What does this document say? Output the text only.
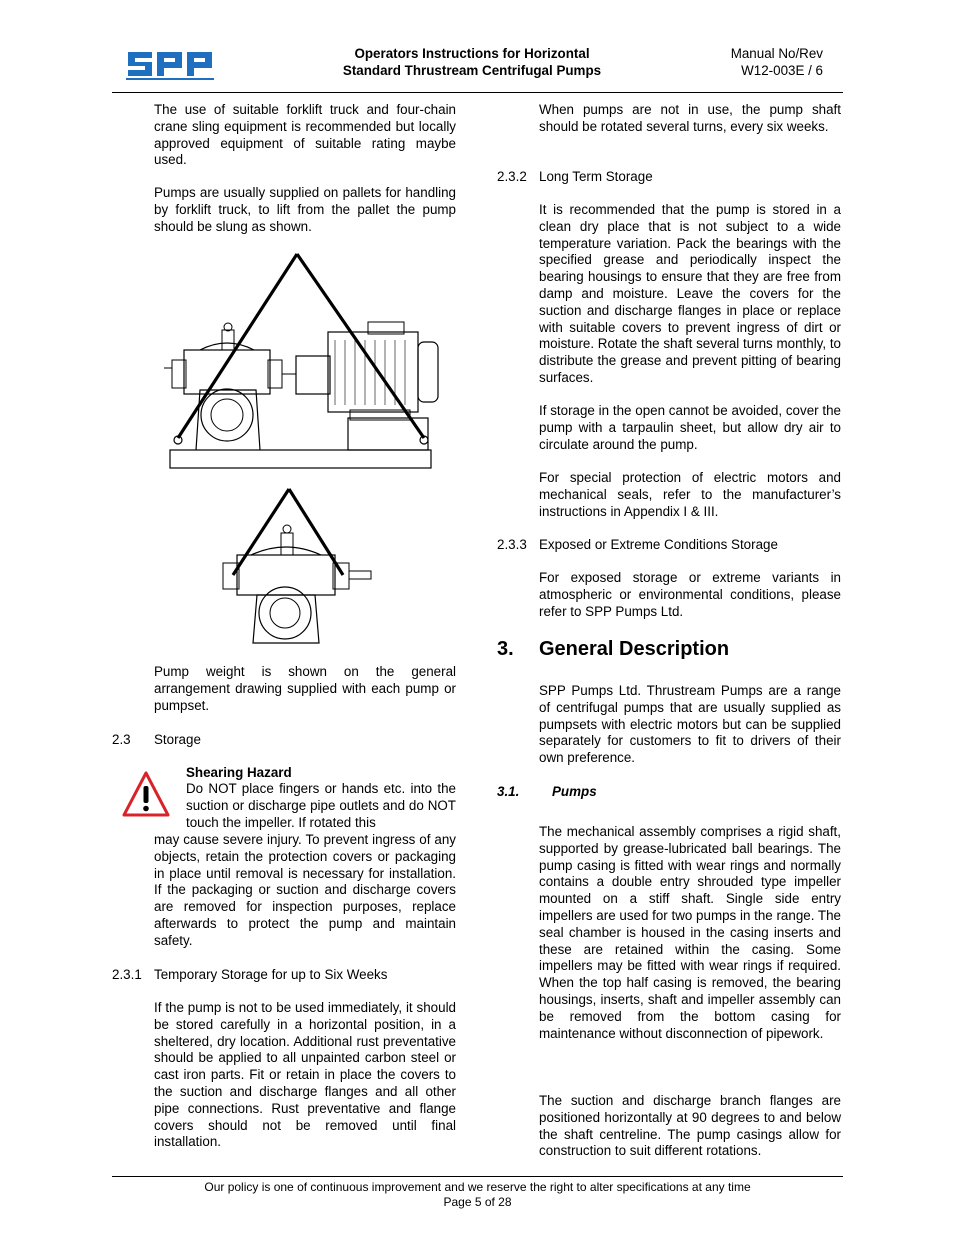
Operators Instructions for Horizontal
Standard Thrustream Centrifugal Pumps
Manual No/Rev
W12-003E / 6

The use of suitable forklift truck and four-chain crane sling equipment is recommended but locally approved equipment of suitable rating maybe used.

Pumps are usually supplied on pallets for handling by forklift truck, to lift from the pallet the pump should be slung as shown.

Pump weight is shown on the general arrangement drawing supplied with each pump or pumpset.

2.3 Storage
Shearing Hazard

Do NOT place fingers or hands etc. into the suction or discharge pipe outlets and do NOT touch the impeller. If rotated this

may cause severe injury. To prevent ingress of any objects, retain the protection covers or packaging in place until removal is necessary for installation. If the packaging or suction and discharge covers are removed for inspection purposes, replace afterwards to protect the pump and maintain safety.

2.3.1 Temporary Storage for up to Six Weeks

If the pump is not to be used immediately, it should be stored carefully in a horizontal position, in a sheltered, dry location. Additional rust preventative should be applied to all unpainted carbon steel or cast iron parts. Fit or retain in place the covers to the suction and discharge flanges and all other pipe connections. Rust preventative and flange covers should not be removed until final installation.

When pumps are not in use, the pump shaft should be rotated several turns, every six weeks.

2.3.2 Long Term Storage

It is recommended that the pump is stored in a clean dry place that is not subject to a wide temperature variation. Pack the bearings with the specified grease and periodically inspect the bearing housings to ensure that they are free from damp and moisture. Leave the covers for the suction and discharge flanges in place or replace with suitable covers to prevent ingress of dirt or moisture. Rotate the shaft several turns monthly, to distribute the grease and prevent pitting of bearing surfaces.

If storage in the open cannot be avoided, cover the pump with a tarpaulin sheet, but allow dry air to circulate around the pump.

For special protection of electric motors and mechanical seals, refer to the manufacturer’s instructions in Appendix I & III.

2.3.3 Exposed or Extreme Conditions Storage

For exposed storage or extreme variants in atmospheric or environmental conditions, please refer to SPP Pumps Ltd.

3.	General Description

SPP Pumps Ltd. Thrustream Pumps are a range of centrifugal pumps that are usually supplied as pumpsets with electric motors but can be supplied separately for customers to fit to drivers of their own preference.

3.1. Pumps

The mechanical assembly comprises a rigid shaft, supported by grease-lubricated ball bearings. The pump casing is fitted with wear rings and normally contains a double entry shrouded type impeller mounted on a stiff shaft. Single side entry impellers are used for two pumps in the range. The seal chamber is housed in the casing inserts and these are retained within the casing. Some impellers may be fitted with wear rings if required. When the top half casing is removed, the bearing housings, inserts, shaft and impeller assembly can be removed from the bottom casing for maintenance without disconnection of pipework.

The suction and discharge branch flanges are positioned horizontally at 90 degrees to and below the shaft centreline. The pump casings allow for construction to suit different rotations.

Our policy is one of continuous improvement and we reserve the right to alter specifications at any time
Page 5 of 28
